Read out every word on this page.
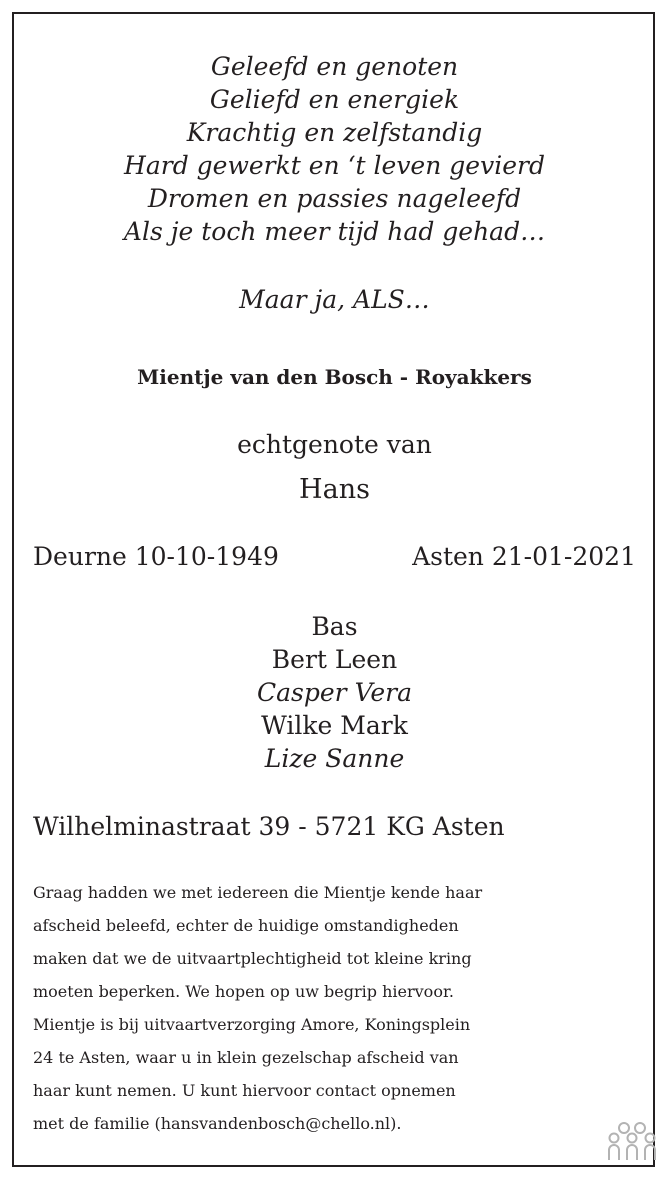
Geleefd en genoten
Geliefd en energiek
Krachtig en zelfstandig
Hard gewerkt en ‘t leven gevierd
Dromen en passies nageleefd
Als je toch meer tijd had gehad…
Maar ja, ALS…
Mientje van den Bosch - Royakkers
echtgenote van
Hans
Deurne 10-10-1949	Asten 21-01-2021
Bas
Bert Leen
Casper Vera
Wilke Mark
Lize Sanne
Wilhelminastraat 39 - 5721 KG Asten
Graag hadden we met iedereen die Mientje kende haar
afscheid beleefd, echter de huidige omstandigheden
maken dat we de uitvaartplechtigheid tot kleine kring
moeten beperken. We hopen op uw begrip hiervoor.
Mientje is bij uitvaartverzorging Amore, Koningsplein
24 te Asten, waar u in klein gezelschap afscheid van
haar kunt nemen. U kunt hiervoor contact opnemen
met de familie (hansvandenbosch@chello.nl).
